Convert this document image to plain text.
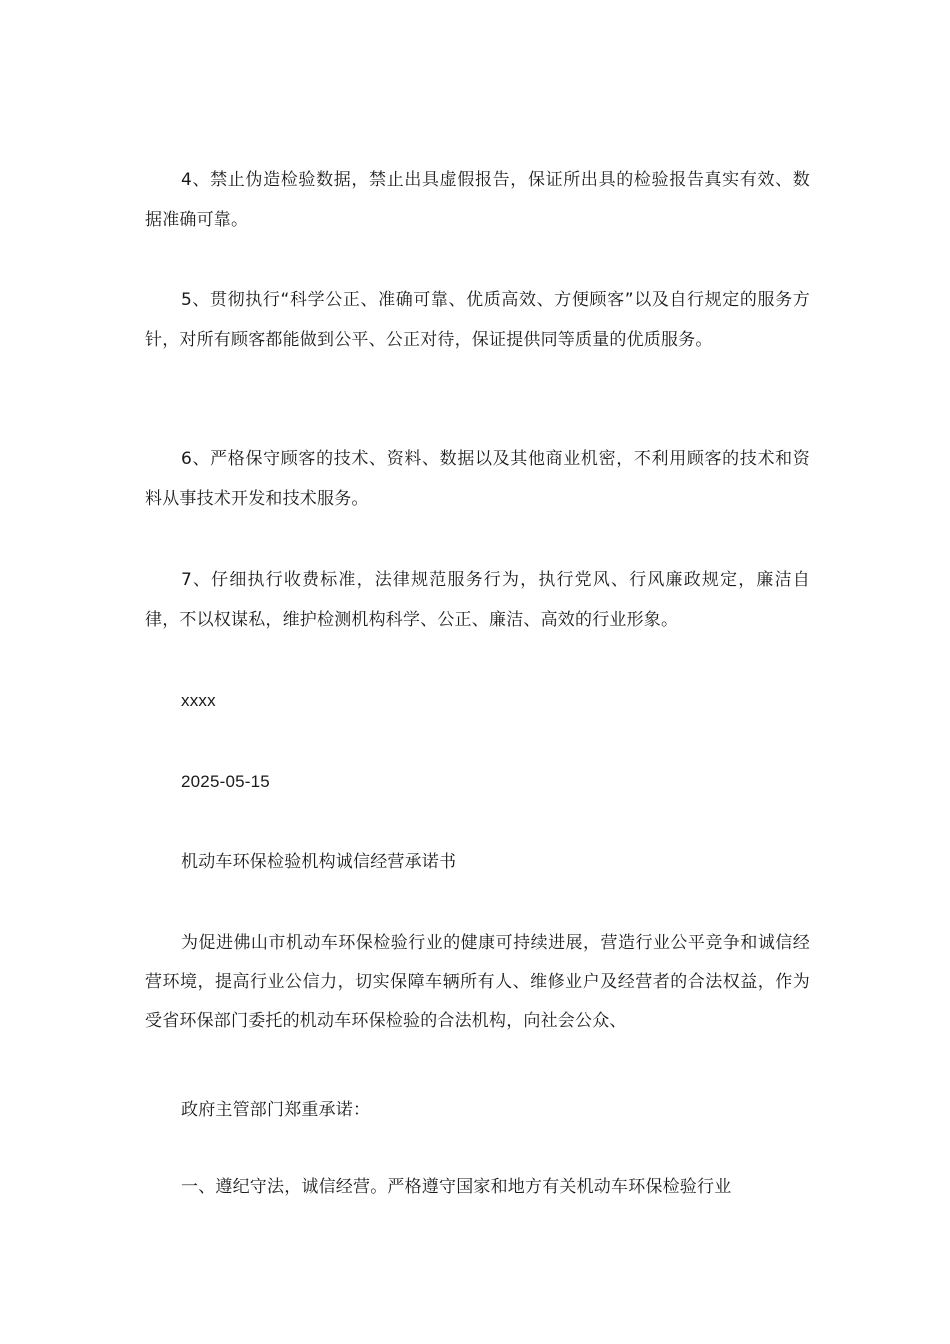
4、禁止伪造检验数据，禁止出具虚假报告，保证所出具的检验报告真实有效、数据准确可靠。

5、贯彻执行“科学公正、准确可靠、优质高效、方便顾客”以及自行规定的服务方针，对所有顾客都能做到公平、公正对待，保证提供同等质量的优质服务。

6、严格保守顾客的技术、资料、数据以及其他商业机密，不利用顾客的技术和资料从事技术开发和技术服务。

7、仔细执行收费标准，法律规范服务行为，执行党风、行风廉政规定，廉洁自律，不以权谋私，维护检测机构科学、公正、廉洁、高效的行业形象。

xxxx

2025-05-15

机动车环保检验机构诚信经营承诺书

为促进佛山市机动车环保检验行业的健康可持续进展，营造行业公平竞争和诚信经营环境，提高行业公信力，切实保障车辆所有人、维修业户及经营者的合法权益，作为受省环保部门委托的机动车环保检验的合法机构，向社会公众、

政府主管部门郑重承诺：

一、遵纪守法，诚信经营。严格遵守国家和地方有关机动车环保检验行业
